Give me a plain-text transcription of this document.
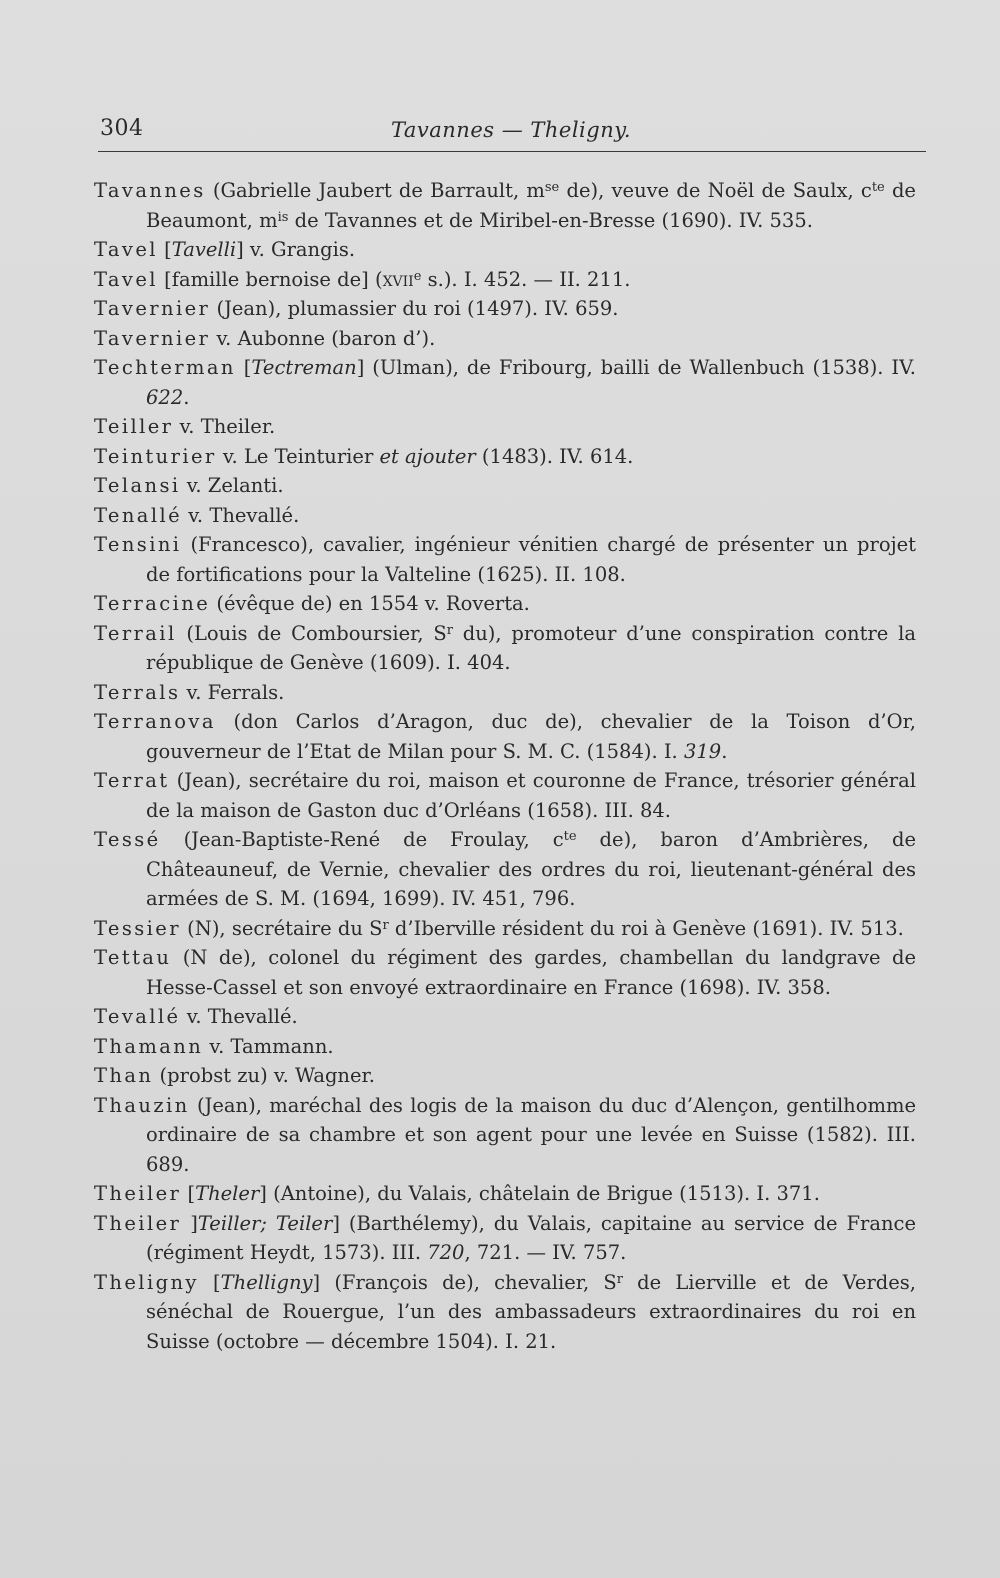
304	Tavannes — Theligny.

Tavannes (Gabrielle Jaubert de Barrault, $m^{se}$ de), veuve de Noël de Saulx, $c^{te}$ de Beaumont, $m^{is}$ de Tavannes et de Miribel-en-Bresse (1690). IV. 535.

Tavel [Tavelli] v. Grangis.

Tavel [famille bernoise de] (xvii$^e$ s.). I. 452. — II. 211.

Tavernier (Jean), plumassier du roi (1497). IV. 659.

Tavernier v. Aubonne (baron d’).

Techterman [Tectreman] (Ulman), de Fribourg, bailli de Wallenbuch (1538). IV. 622.

Teiller v. Theiler.

Teinturier v. Le Teinturier et ajouter (1483). IV. 614.

Telansi v. Zelanti.

Tenallé v. Thevallé.

Tensini (Francesco), cavalier, ingénieur vénitien chargé de présenter un projet de fortifications pour la Valteline (1625). II. 108.

Terracine (évêque de) en 1554 v. Roverta.

Terrail (Louis de Comboursier, $S^r$ du), promoteur d’une conspiration contre la république de Genève (1609). I. 404.

Terrals v. Ferrals.

Terranova (don Carlos d’Aragon, duc de), chevalier de la Toison d’Or, gouverneur de l’Etat de Milan pour S. M. C. (1584). I. 319.

Terrat (Jean), secrétaire du roi, maison et couronne de France, trésorier général de la maison de Gaston duc d’Orléans (1658). III. 84.

Tessé (Jean-Baptiste-René de Froulay, $c^{te}$ de), baron d’Ambrières, de Châteauneuf, de Vernie, chevalier des ordres du roi, lieutenant-général des armées de S. M. (1694, 1699). IV. 451, 796.

Tessier (N), secrétaire du $S^r$ d’Iberville résident du roi à Genève (1691). IV. 513.

Tettau (N de), colonel du régiment des gardes, chambellan du landgrave de Hesse-Cassel et son envoyé extraordinaire en France (1698). IV. 358.

Tevallé v. Thevallé.

Thamann v. Tammann.

Than (probst zu) v. Wagner.

Thauzin (Jean), maréchal des logis de la maison du duc d’Alençon, gentilhomme ordinaire de sa chambre et son agent pour une levée en Suisse (1582). III. 689.

Theiler [Theler] (Antoine), du Valais, châtelain de Brigue (1513). I. 371.

Theiler ]Teiller; Teiler] (Barthélemy), du Valais, capitaine au service de France (régiment Heydt, 1573). III. 720, 721. — IV. 757.

Theligny [Thelligny] (François de), chevalier, $S^r$ de Lierville et de Verdes, sénéchal de Rouergue, l’un des ambassadeurs extraordinaires du roi en Suisse (octobre — décembre 1504). I. 21.
